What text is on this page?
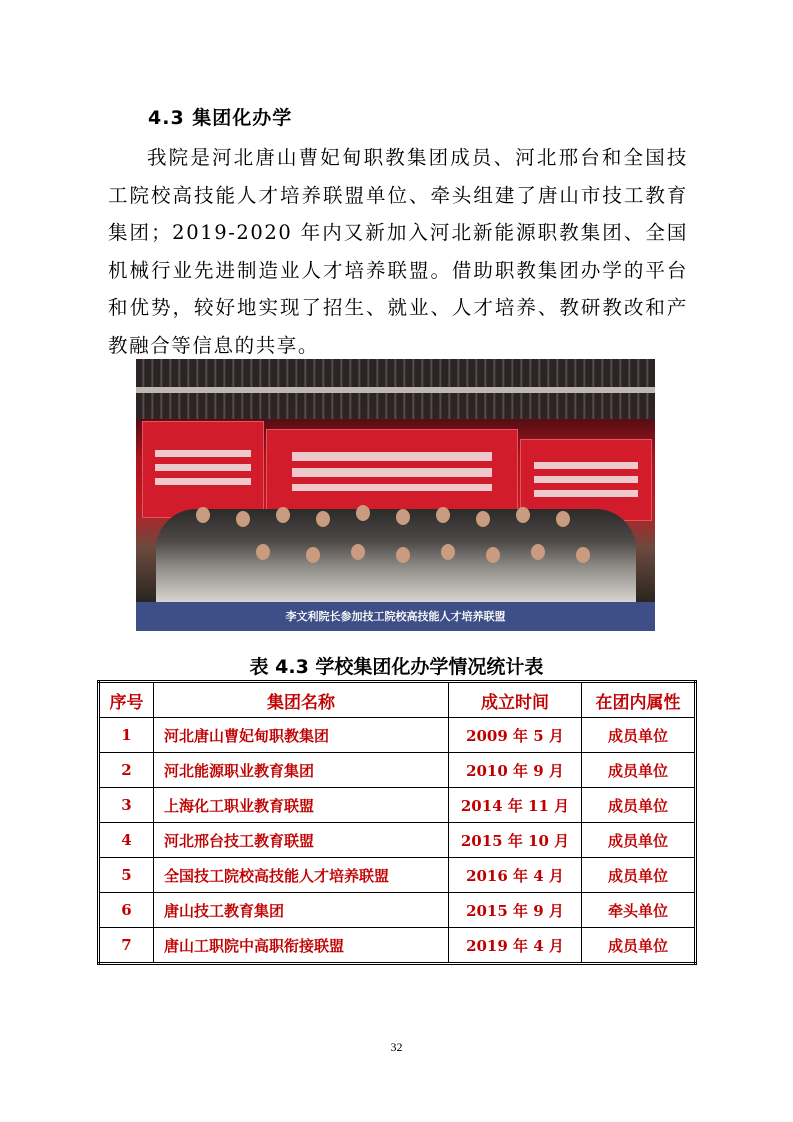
4.3 集团化办学

我院是河北唐山曹妃甸职教集团成员、河北邢台和全国技工院校高技能人才培养联盟单位、牵头组建了唐山市技工教育集团；2019-2020 年内又新加入河北新能源职教集团、全国机械行业先进制造业人才培养联盟。借助职教集团办学的平台和优势，较好地实现了招生、就业、人才培养、教研教改和产教融合等信息的共享。

李文利院长参加技工院校高技能人才培养联盟
表 4.3 学校集团化办学情况统计表
序号	集团名称	成立时间	在团内属性
1	河北唐山曹妃甸职教集团	2009 年 5 月	成员单位
2	河北能源职业教育集团	2010 年 9 月	成员单位
3	上海化工职业教育联盟	2014 年 11 月	成员单位
4	河北邢台技工教育联盟	2015 年 10 月	成员单位
5	全国技工院校高技能人才培养联盟	2016 年 4 月	成员单位
6	唐山技工教育集团	2015 年 9 月	牵头单位
7	唐山工职院中高职衔接联盟	2019 年 4 月	成员单位
32
